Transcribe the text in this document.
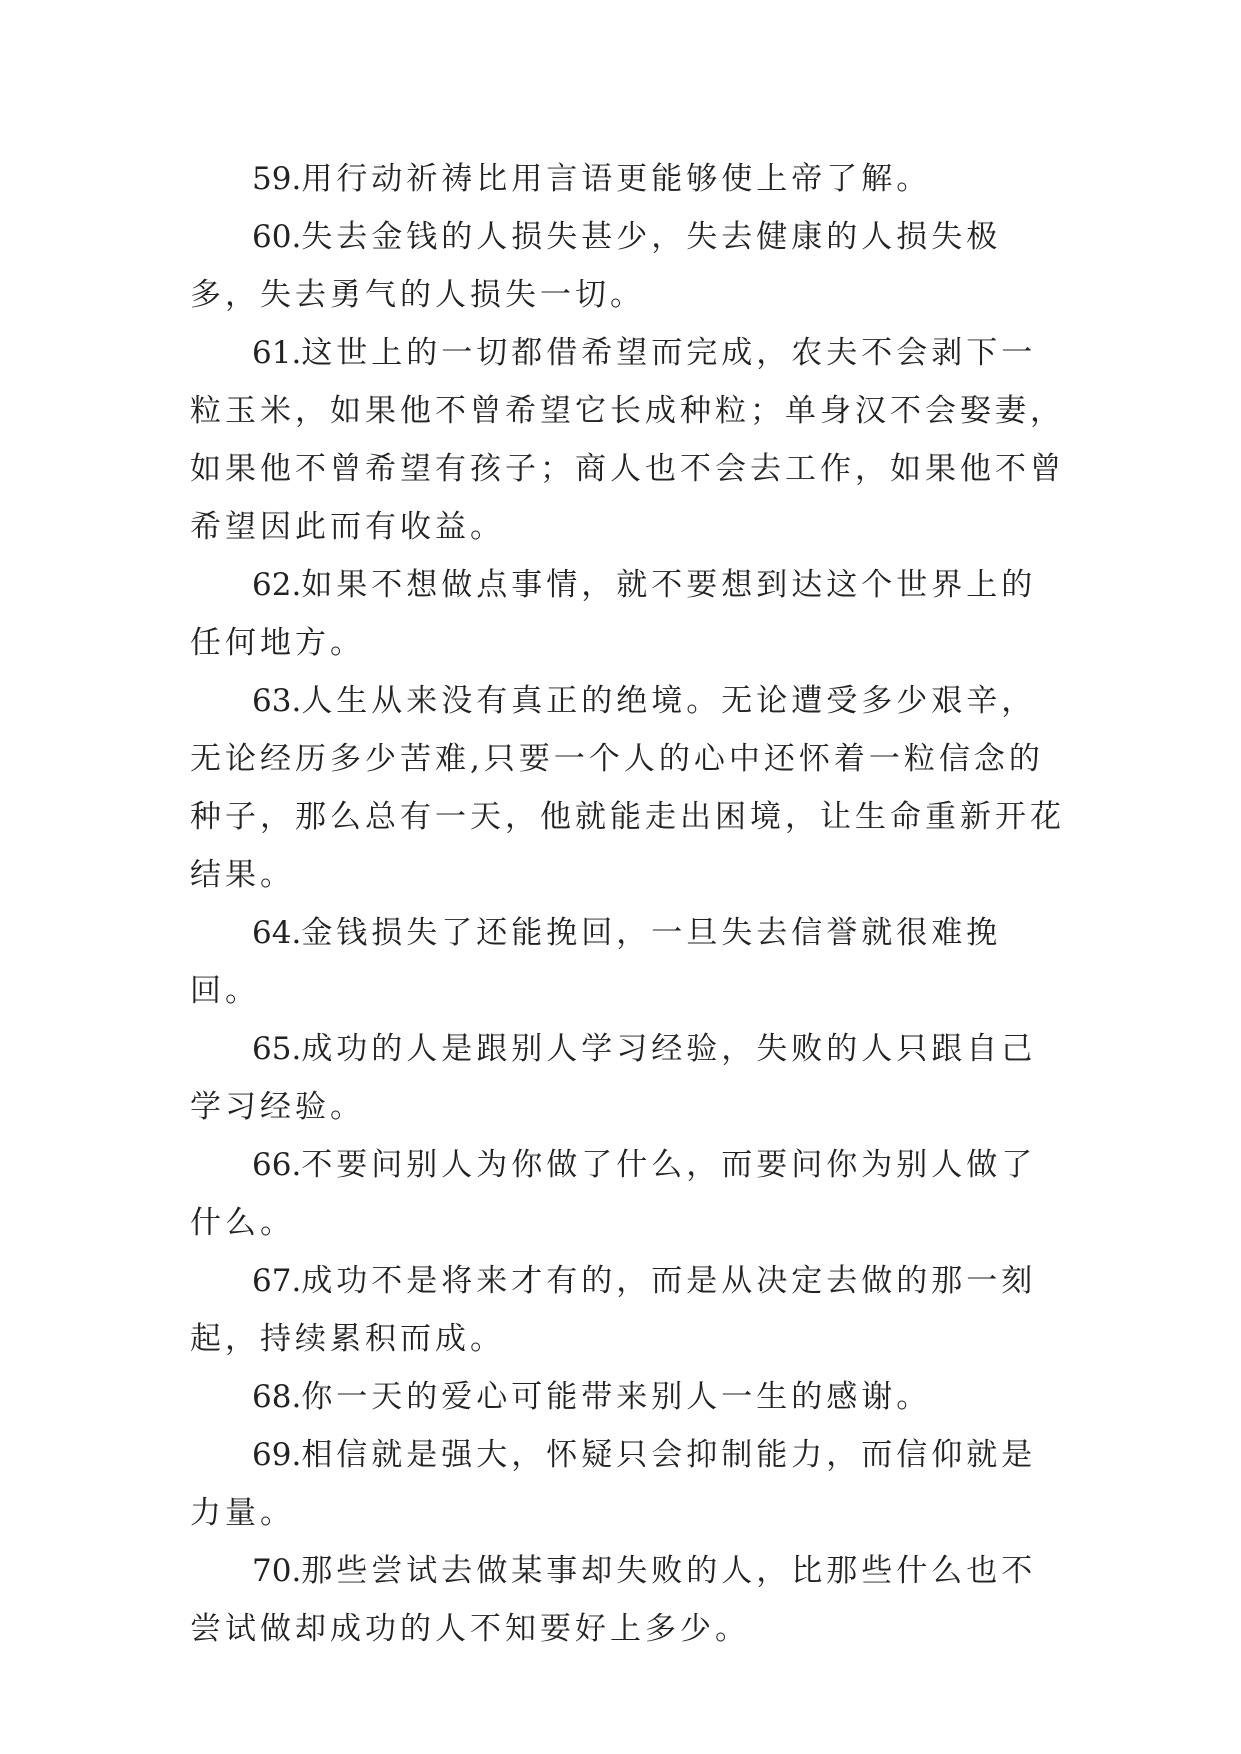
59.用行动祈祷比用言语更能够使上帝了解。

60.失去金钱的人损失甚少，失去健康的人损失极多，失去勇气的人损失一切。

61.这世上的一切都借希望而完成，农夫不会剥下一粒玉米，如果他不曾希望它长成种粒；单身汉不会娶妻，如果他不曾希望有孩子；商人也不会去工作，如果他不曾希望因此而有收益。

62.如果不想做点事情，就不要想到达这个世界上的任何地方。

63.人生从来没有真正的绝境。无论遭受多少艰辛，无论经历多少苦难,只要一个人的心中还怀着一粒信念的种子，那么总有一天，他就能走出困境，让生命重新开花结果。

64.金钱损失了还能挽回，一旦失去信誉就很难挽回。

65.成功的人是跟别人学习经验，失败的人只跟自己学习经验。

66.不要问别人为你做了什么，而要问你为别人做了什么。

67.成功不是将来才有的，而是从决定去做的那一刻起，持续累积而成。

68.你一天的爱心可能带来别人一生的感谢。

69.相信就是强大，怀疑只会抑制能力，而信仰就是力量。

70.那些尝试去做某事却失败的人，比那些什么也不尝试做却成功的人不知要好上多少。
